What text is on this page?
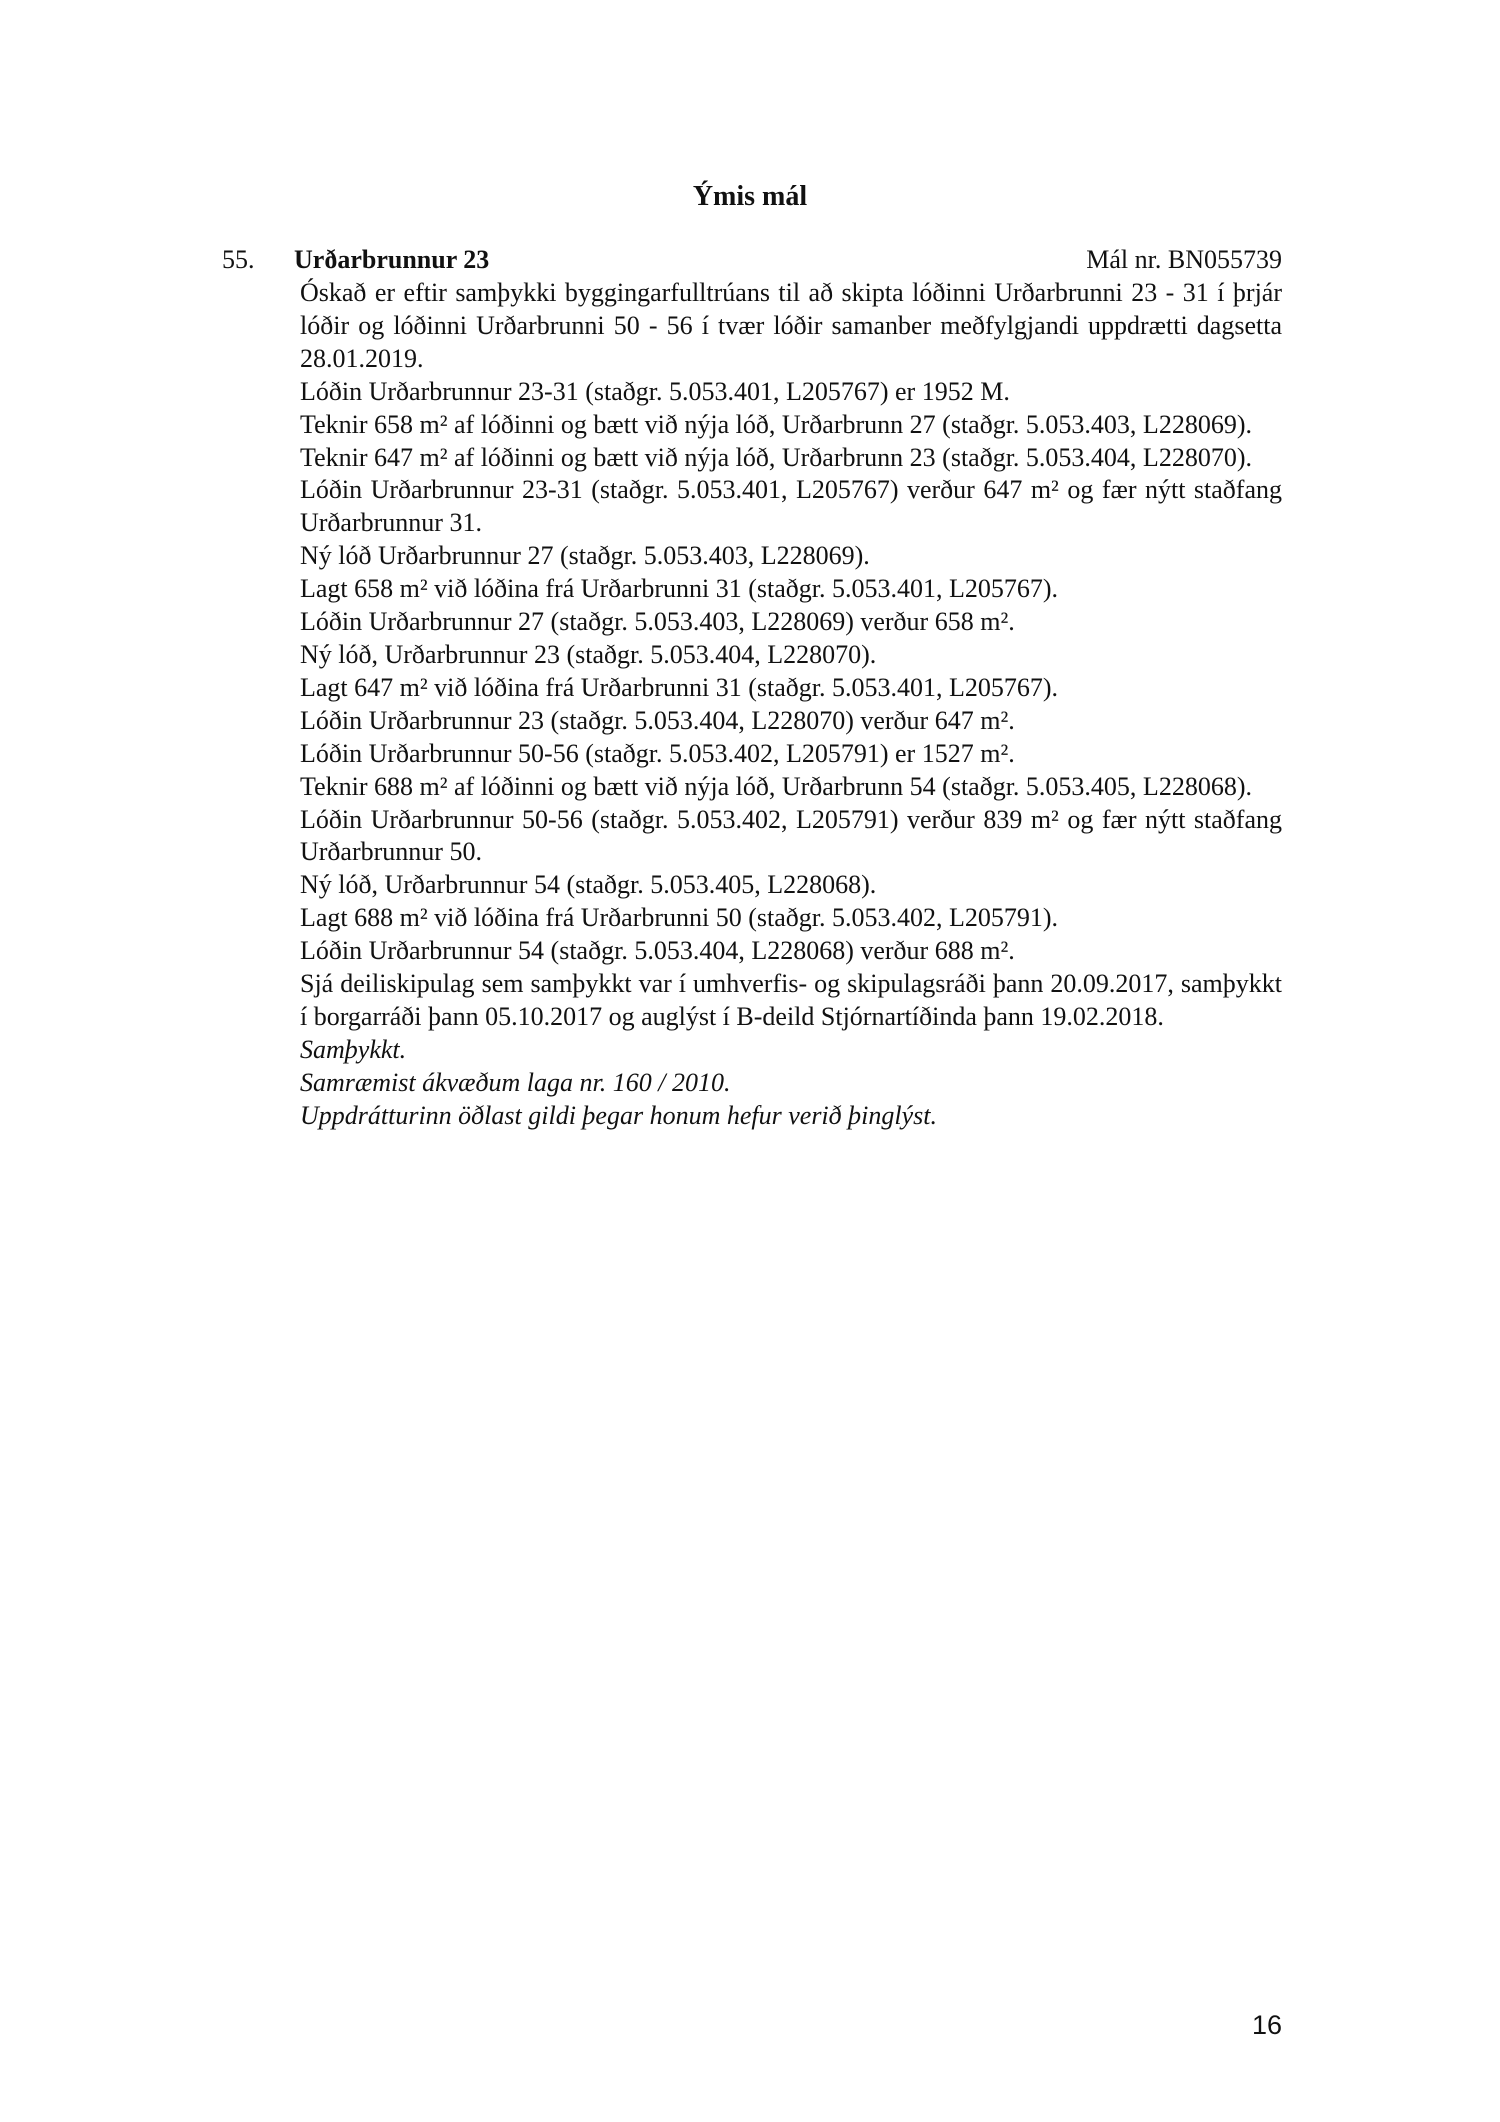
Ýmis mál
55. Urðarbrunnur 23	Mál nr. BN055739

Óskað er eftir samþykki byggingarfulltrúans til að skipta lóðinni Urðarbrunni 23 - 31 í þrjár lóðir og lóðinni Urðarbrunni 50 - 56 í tvær lóðir samanber meðfylgjandi uppdrætti dagsetta 28.01.2019.

Lóðin Urðarbrunnur 23-31 (staðgr. 5.053.401, L205767) er 1952 M.

Teknir 658 m² af lóðinni og bætt við nýja lóð, Urðarbrunn 27 (staðgr. 5.053.403, L228069).

Teknir 647 m² af lóðinni og bætt við nýja lóð, Urðarbrunn 23 (staðgr. 5.053.404, L228070).

Lóðin Urðarbrunnur 23-31 (staðgr. 5.053.401, L205767) verður 647 m² og fær nýtt staðfang Urðarbrunnur 31.

Ný lóð Urðarbrunnur 27 (staðgr. 5.053.403, L228069).

Lagt 658 m² við lóðina frá Urðarbrunni 31 (staðgr. 5.053.401, L205767).

Lóðin Urðarbrunnur 27 (staðgr. 5.053.403, L228069) verður 658 m².

Ný lóð, Urðarbrunnur 23 (staðgr. 5.053.404, L228070).

Lagt 647 m² við lóðina frá Urðarbrunni 31 (staðgr. 5.053.401, L205767).

Lóðin Urðarbrunnur 23 (staðgr. 5.053.404, L228070) verður 647 m².

Lóðin Urðarbrunnur 50-56 (staðgr. 5.053.402, L205791) er 1527 m².

Teknir 688 m² af lóðinni og bætt við nýja lóð, Urðarbrunn 54 (staðgr. 5.053.405, L228068).

Lóðin Urðarbrunnur 50-56 (staðgr. 5.053.402, L205791) verður 839 m² og fær nýtt staðfang Urðarbrunnur 50.

Ný lóð, Urðarbrunnur 54 (staðgr. 5.053.405, L228068).

Lagt 688 m² við lóðina frá Urðarbrunni 50 (staðgr. 5.053.402, L205791).

Lóðin Urðarbrunnur 54 (staðgr. 5.053.404, L228068) verður 688 m².

Sjá deiliskipulag sem samþykkt var í umhverfis- og skipulagsráði þann 20.09.2017, samþykkt í borgarráði þann 05.10.2017 og auglýst í B-deild Stjórnartíðinda þann 19.02.2018.

Samþykkt.

Samræmist ákvæðum laga nr. 160 / 2010.

Uppdrátturinn öðlast gildi þegar honum hefur verið þinglýst.

16
